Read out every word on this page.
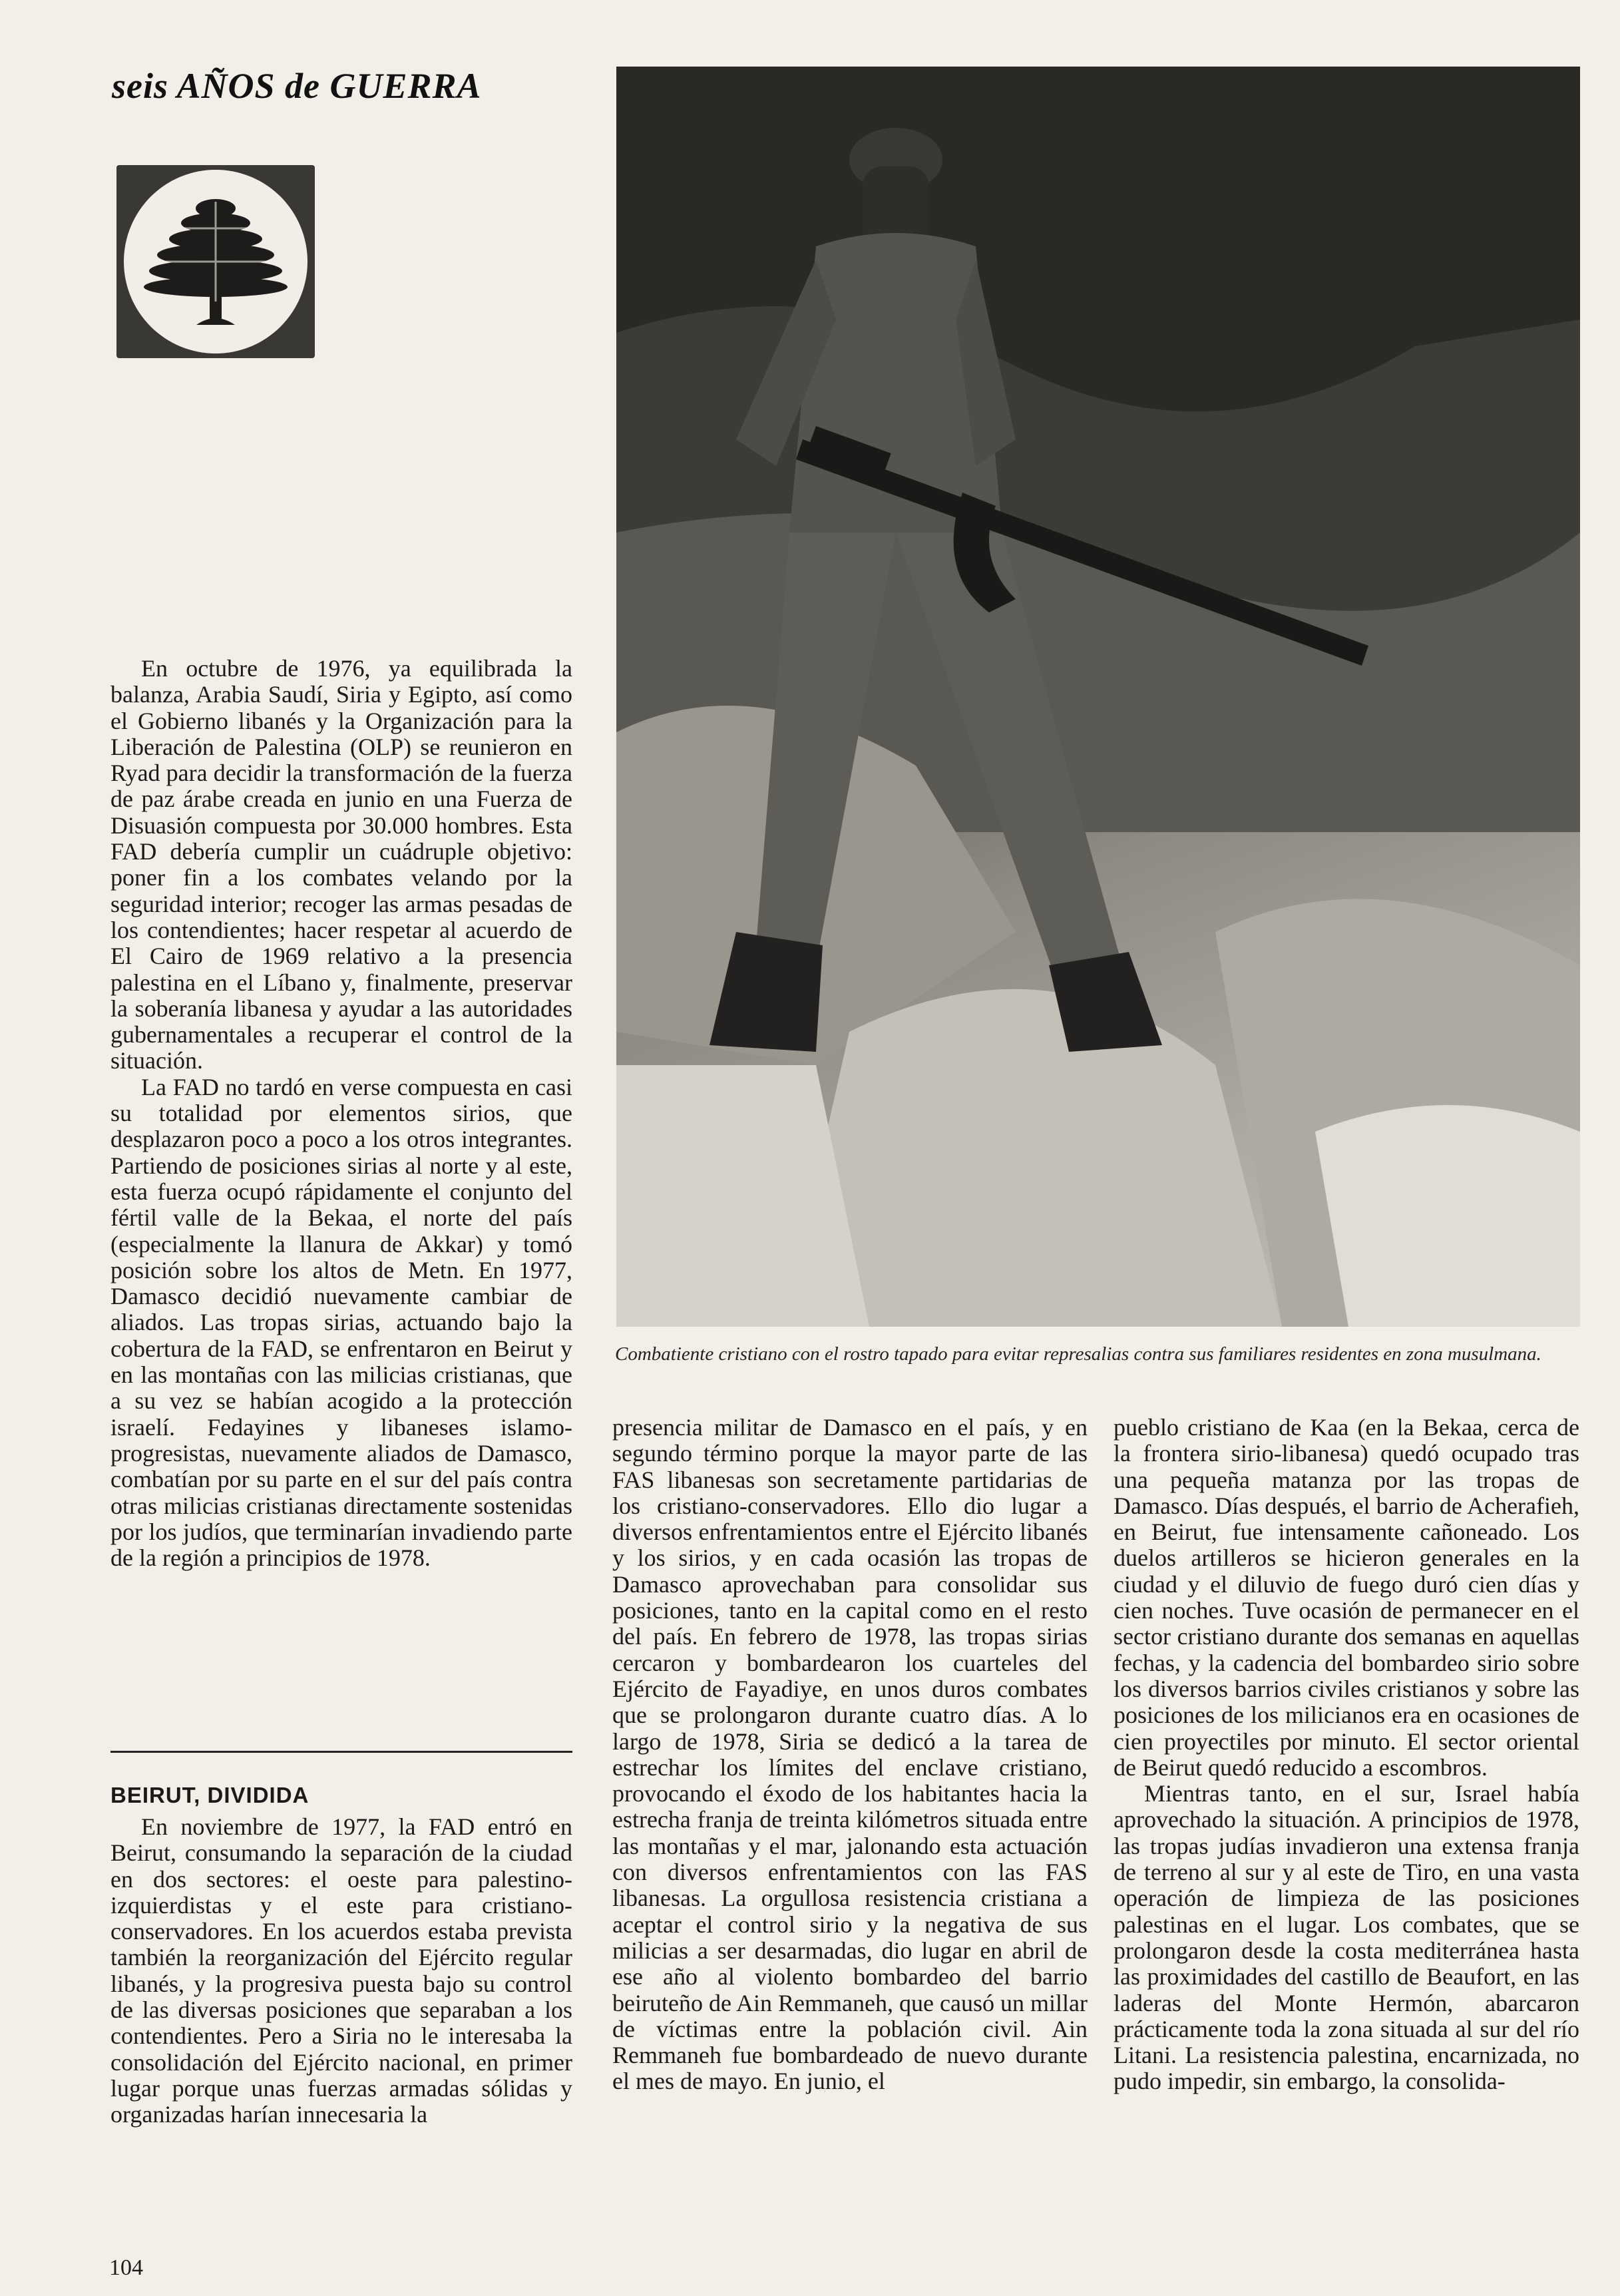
seis AÑOS de GUERRA
Combatiente cristiano con el rostro tapado para evitar represalias contra sus familiares residentes en zona musulmana.

En octubre de 1976, ya equilibrada la balanza, Arabia Saudí, Siria y Egipto, así como el Gobierno libanés y la Organización para la Liberación de Palestina (OLP) se reunieron en Ryad para decidir la transformación de la fuerza de paz árabe creada en junio en una Fuerza de Disuasión compuesta por 30.000 hombres. Esta FAD debería cumplir un cuádruple objetivo: poner fin a los combates velando por la seguridad interior; recoger las armas pesadas de los contendientes; hacer respetar al acuerdo de El Cairo de 1969 relativo a la presencia palestina en el Líbano y, finalmente, preservar la soberanía libanesa y ayudar a las autoridades gubernamentales a recuperar el control de la situación.

La FAD no tardó en verse compuesta en casi su totalidad por elementos sirios, que desplazaron poco a poco a los otros integrantes. Partiendo de posiciones sirias al norte y al este, esta fuerza ocupó rápidamente el conjunto del fértil valle de la Bekaa, el norte del país (especialmente la llanura de Akkar) y tomó posición sobre los altos de Metn. En 1977, Damasco decidió nuevamente cambiar de aliados. Las tropas sirias, actuando bajo la cobertura de la FAD, se enfrentaron en Beirut y en las montañas con las milicias cristianas, que a su vez se habían acogido a la protección israelí. Fedayines y libaneses islamo-progresistas, nuevamente aliados de Damasco, combatían por su parte en el sur del país contra otras milicias cristianas directamente sostenidas por los judíos, que terminarían invadiendo parte de la región a principios de 1978.

BEIRUT, DIVIDIDA

En noviembre de 1977, la FAD entró en Beirut, consumando la separación de la ciudad en dos sectores: el oeste para palestino-izquierdistas y el este para cristiano-conservadores. En los acuerdos estaba prevista también la reorganización del Ejército regular libanés, y la progresiva puesta bajo su control de las diversas posiciones que separaban a los contendientes. Pero a Siria no le interesaba la consolidación del Ejército nacional, en primer lugar porque unas fuerzas armadas sólidas y organizadas harían innecesaria la

presencia militar de Damasco en el país, y en segundo término porque la mayor parte de las FAS libanesas son secretamente partidarias de los cristiano-conservadores. Ello dio lugar a diversos enfrentamientos entre el Ejército libanés y los sirios, y en cada ocasión las tropas de Damasco aprovechaban para consolidar sus posiciones, tanto en la capital como en el resto del país. En febrero de 1978, las tropas sirias cercaron y bombardearon los cuarteles del Ejército de Fayadiye, en unos duros combates que se prolongaron durante cuatro días. A lo largo de 1978, Siria se dedicó a la tarea de estrechar los límites del enclave cristiano, provocando el éxodo de los habitantes hacia la estrecha franja de treinta kilómetros situada entre las montañas y el mar, jalonando esta actuación con diversos enfrentamientos con las FAS libanesas. La orgullosa resistencia cristiana a aceptar el control sirio y la negativa de sus milicias a ser desarmadas, dio lugar en abril de ese año al violento bombardeo del barrio beiruteño de Ain Remmaneh, que causó un millar de víctimas entre la población civil. Ain Remmaneh fue bombardeado de nuevo durante el mes de mayo. En junio, el

pueblo cristiano de Kaa (en la Bekaa, cerca de la frontera sirio-libanesa) quedó ocupado tras una pequeña matanza por las tropas de Damasco. Días después, el barrio de Acherafieh, en Beirut, fue intensamente cañoneado. Los duelos artilleros se hicieron generales en la ciudad y el diluvio de fuego duró cien días y cien noches. Tuve ocasión de permanecer en el sector cristiano durante dos semanas en aquellas fechas, y la cadencia del bombardeo sirio sobre los diversos barrios civiles cristianos y sobre las posiciones de los milicianos era en ocasiones de cien proyectiles por minuto. El sector oriental de Beirut quedó reducido a escombros.

Mientras tanto, en el sur, Israel había aprovechado la situación. A principios de 1978, las tropas judías invadieron una extensa franja de terreno al sur y al este de Tiro, en una vasta operación de limpieza de las posiciones palestinas en el lugar. Los combates, que se prolongaron desde la costa mediterránea hasta las proximidades del castillo de Beaufort, en las laderas del Monte Hermón, abarcaron prácticamente toda la zona situada al sur del río Litani. La resistencia palestina, encarnizada, no pudo impedir, sin embargo, la consolida-

104
